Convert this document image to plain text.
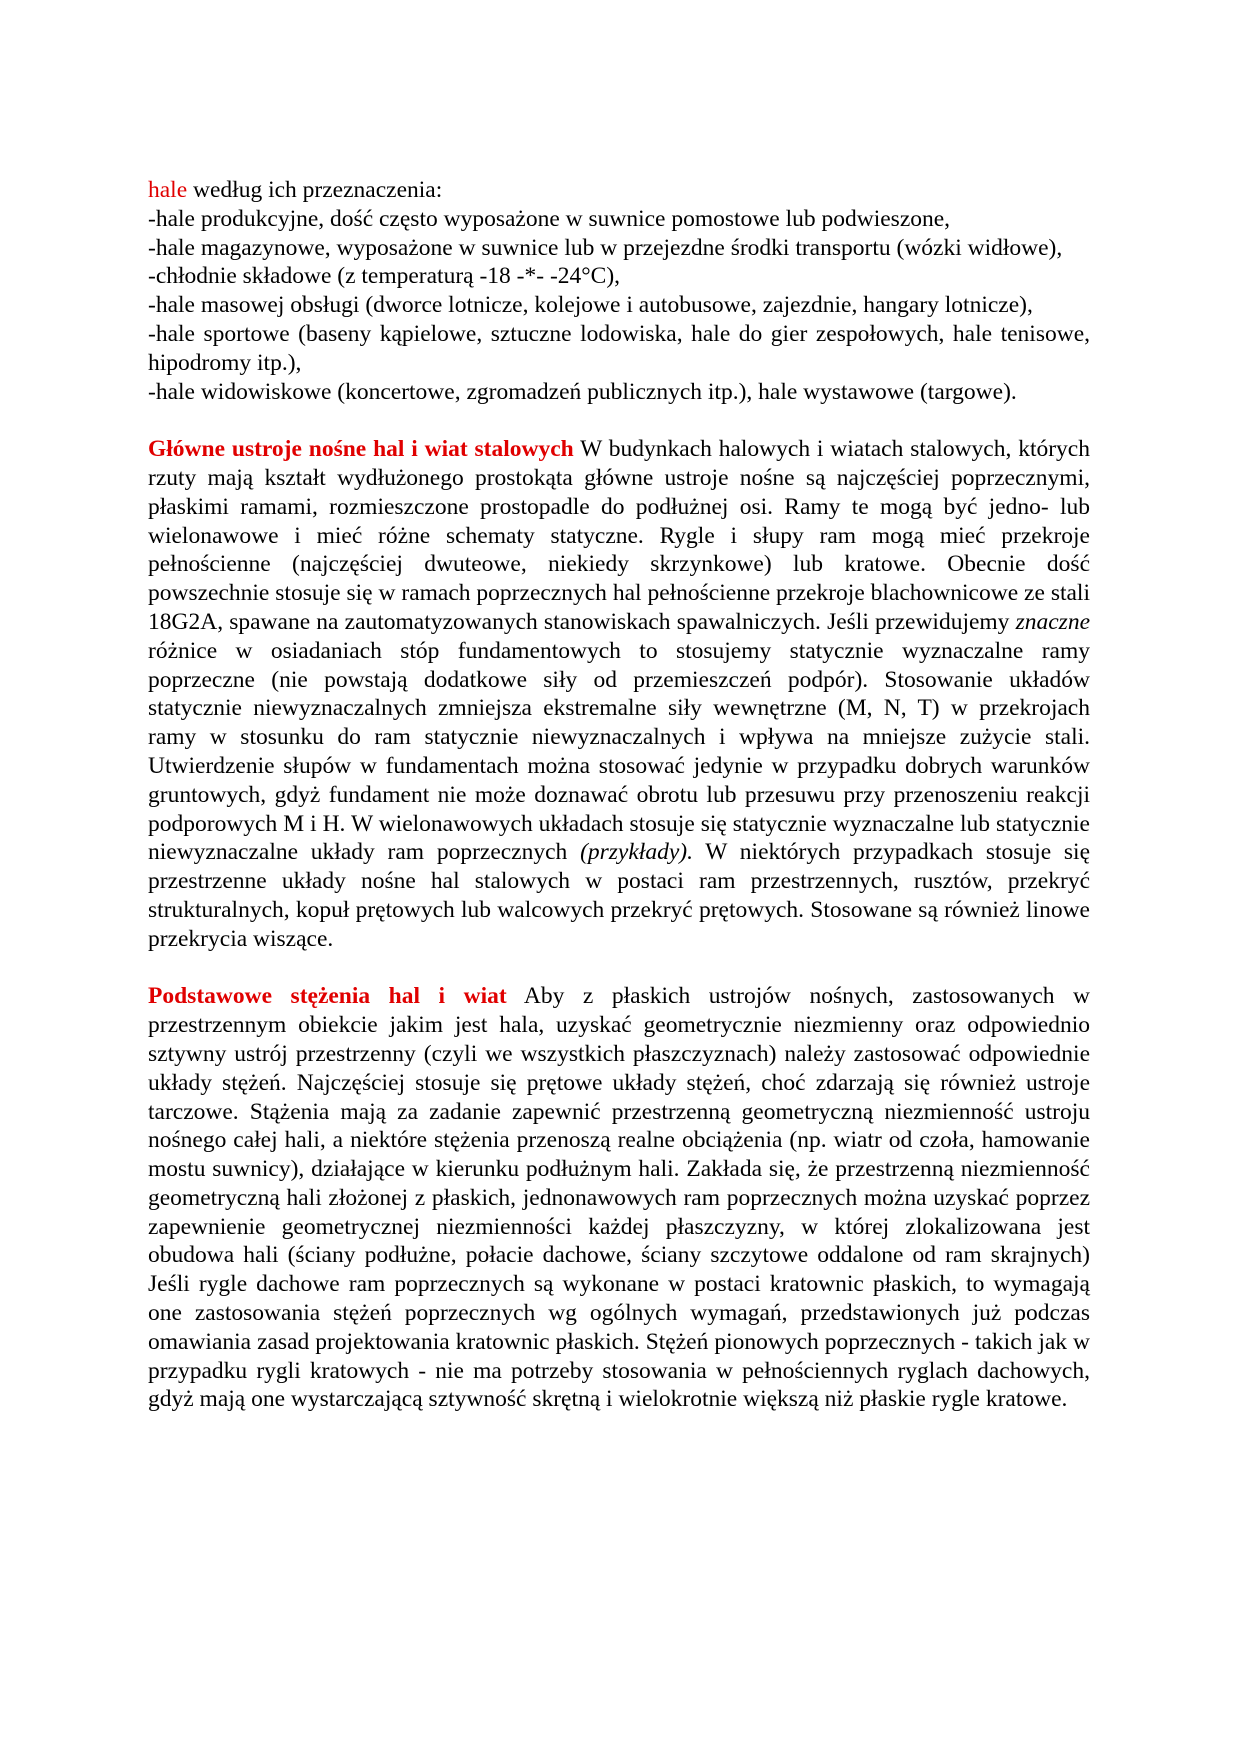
hale według ich przeznaczenia:

-hale produkcyjne, dość często wyposażone w suwnice pomostowe lub podwieszone,

-hale magazynowe, wyposażone w suwnice lub w przejezdne środki transportu (wózki widłowe),

-chłodnie składowe (z temperaturą -18 -*- -24°C),

-hale masowej obsługi (dworce lotnicze, kolejowe i autobusowe, zajezdnie, hangary lotnicze),

-hale sportowe (baseny kąpielowe, sztuczne lodowiska, hale do gier zespołowych, hale tenisowe, hipodromy itp.),

-hale widowiskowe (koncertowe, zgromadzeń publicznych itp.), hale wystawowe (targowe).

Główne ustroje nośne hal i wiat stalowych W budynkach halowych i wiatach stalowych, których rzuty mają kształt wydłużonego prostokąta główne ustroje nośne są najczęściej poprzecznymi, płaskimi ramami, rozmieszczone prostopadle do podłużnej osi. Ramy te mogą być jedno- lub wielonawowe i mieć różne schematy statyczne. Rygle i słupy ram mogą mieć przekroje pełnościenne (najczęściej dwuteowe, niekiedy skrzynkowe) lub kratowe. Obecnie dość powszechnie stosuje się w ramach poprzecznych hal pełnościenne przekroje blachownicowe ze stali 18G2A, spawane na zautomatyzowanych stanowiskach spawalniczych. Jeśli przewidujemy znaczne różnice w osiadaniach stóp fundamentowych to stosujemy statycznie wyznaczalne ramy poprzeczne (nie powstają dodatkowe siły od przemieszczeń podpór). Stosowanie układów statycznie niewyznaczalnych zmniejsza ekstremalne siły wewnętrzne (M, N, T) w przekrojach ramy w stosunku do ram statycznie niewyznaczalnych i wpływa na mniejsze zużycie stali. Utwierdzenie słupów w fundamentach można stosować jedynie w przypadku dobrych warunków gruntowych, gdyż fundament nie może doznawać obrotu lub przesuwu przy przenoszeniu reakcji podporowych M i H. W wielonawowych układach stosuje się statycznie wyznaczalne lub statycznie niewyznaczalne układy ram poprzecznych (przykłady). W niektórych przypadkach stosuje się przestrzenne układy nośne hal stalowych w postaci ram przestrzennych, rusztów, przekryć strukturalnych, kopuł prętowych lub walcowych przekryć prętowych. Stosowane są również linowe przekrycia wiszące.

Podstawowe stężenia hal i wiat Aby z płaskich ustrojów nośnych, zastosowanych w przestrzennym obiekcie jakim jest hala, uzyskać geometrycznie niezmienny oraz odpowiednio sztywny ustrój przestrzenny (czyli we wszystkich płaszczyznach) należy zastosować odpowiednie układy stężeń. Najczęściej stosuje się prętowe układy stężeń, choć zdarzają się również ustroje tarczowe. Stążenia mają za zadanie zapewnić przestrzenną geometryczną niezmienność ustroju nośnego całej hali, a niektóre stężenia przenoszą realne obciążenia (np. wiatr od czoła, hamowanie mostu suwnicy), działające w kierunku podłużnym hali. Zakłada się, że przestrzenną niezmienność geometryczną hali złożonej z płaskich, jednonawowych ram poprzecznych można uzyskać poprzez zapewnienie geometrycznej niezmienności każdej płaszczyzny, w której zlokalizowana jest obudowa hali (ściany podłużne, połacie dachowe, ściany szczytowe oddalone od ram skrajnych) Jeśli rygle dachowe ram poprzecznych są wykonane w postaci kratownic płaskich, to wymagają one zastosowania stężeń poprzecznych wg ogólnych wymagań, przedstawionych już podczas omawiania zasad projektowania kratownic płaskich. Stężeń pionowych poprzecznych - takich jak w przypadku rygli kratowych - nie ma potrzeby stosowania w pełnościennych ryglach dachowych, gdyż mają one wystarczającą sztywność skrętną i wielokrotnie większą niż płaskie rygle kratowe.
